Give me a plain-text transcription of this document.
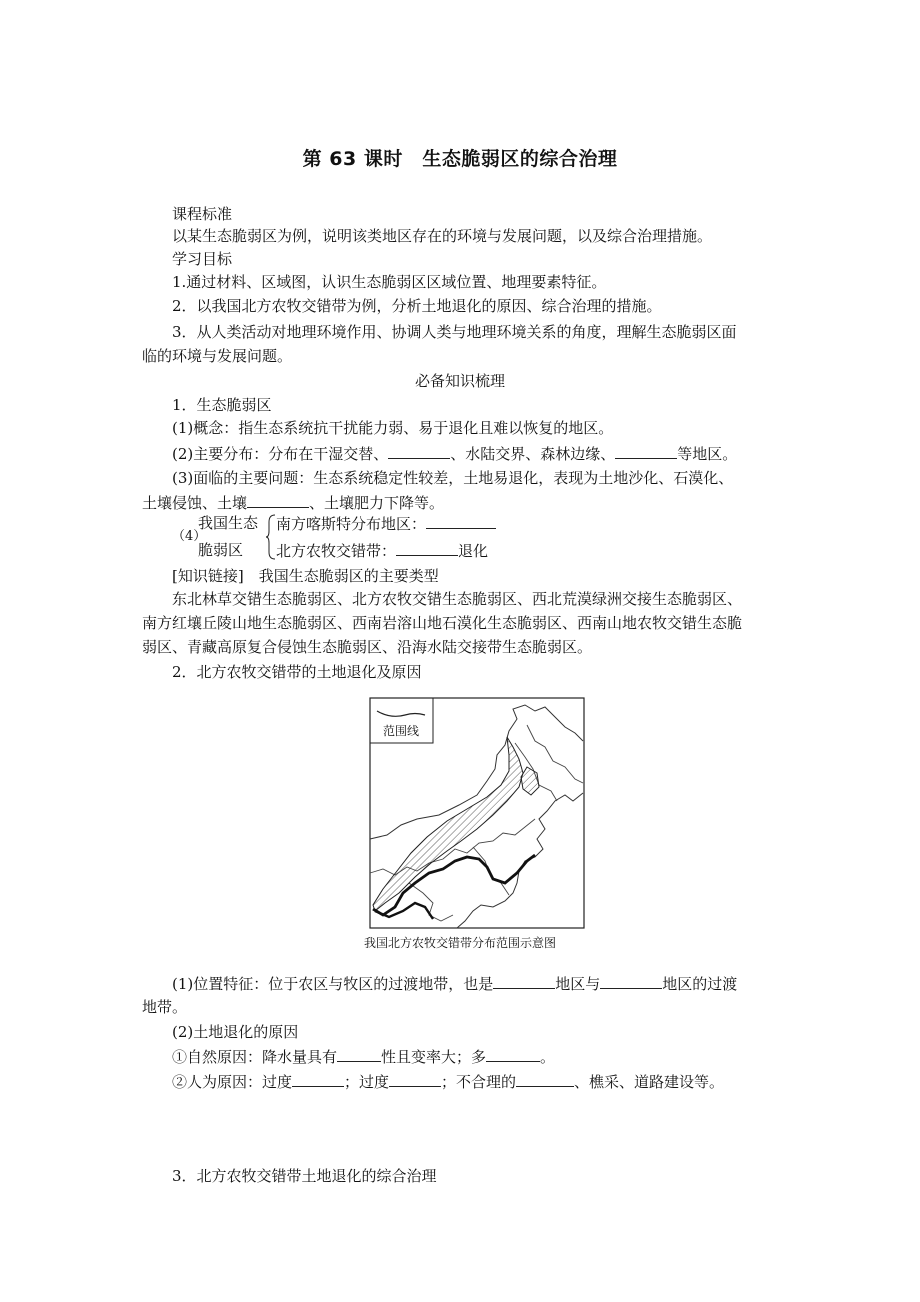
第 63 课时　生态脆弱区的综合治理
课程标准
以某生态脆弱区为例，说明该类地区存在的环境与发展问题，以及综合治理措施。
学习目标
1.通过材料、区域图，认识生态脆弱区区域位置、地理要素特征。
2．以我国北方农牧交错带为例，分析土地退化的原因、综合治理的措施。
3．从人类活动对地理环境作用、协调人类与地理环境关系的角度，理解生态脆弱区面
临的环境与发展问题。
必备知识梳理
1．生态脆弱区
(1)概念：指生态系统抗干扰能力弱、易于退化且难以恢复的地区。
(2)主要分布：分布在干湿交替、	、水陆交界、森林边缘、	等地区。
(3)面临的主要问题：生态系统稳定性较差，土地易退化，表现为土地沙化、石漠化、
土壤侵蚀、土壤	、土壤肥力下降等。
（4）
我国生态
脆弱区
南方喀斯特分布地区：
北方农牧交错带：	退化
[知识链接]　我国生态脆弱区的主要类型
东北林草交错生态脆弱区、北方农牧交错生态脆弱区、西北荒漠绿洲交接生态脆弱区、
南方红壤丘陵山地生态脆弱区、西南岩溶山地石漠化生态脆弱区、西南山地农牧交错生态脆
弱区、青藏高原复合侵蚀生态脆弱区、沿海水陆交接带生态脆弱区。
2．北方农牧交错带的土地退化及原因
范围线
我国北方农牧交错带分布范围示意图
(1)位置特征：位于农区与牧区的过渡地带，也是	地区与	地区的过渡
地带。
(2)土地退化的原因
①自然原因：降水量具有	性且变率大；多	。
②人为原因：过度	；过度	；不合理的	、樵采、道路建设等。
3．北方农牧交错带土地退化的综合治理
